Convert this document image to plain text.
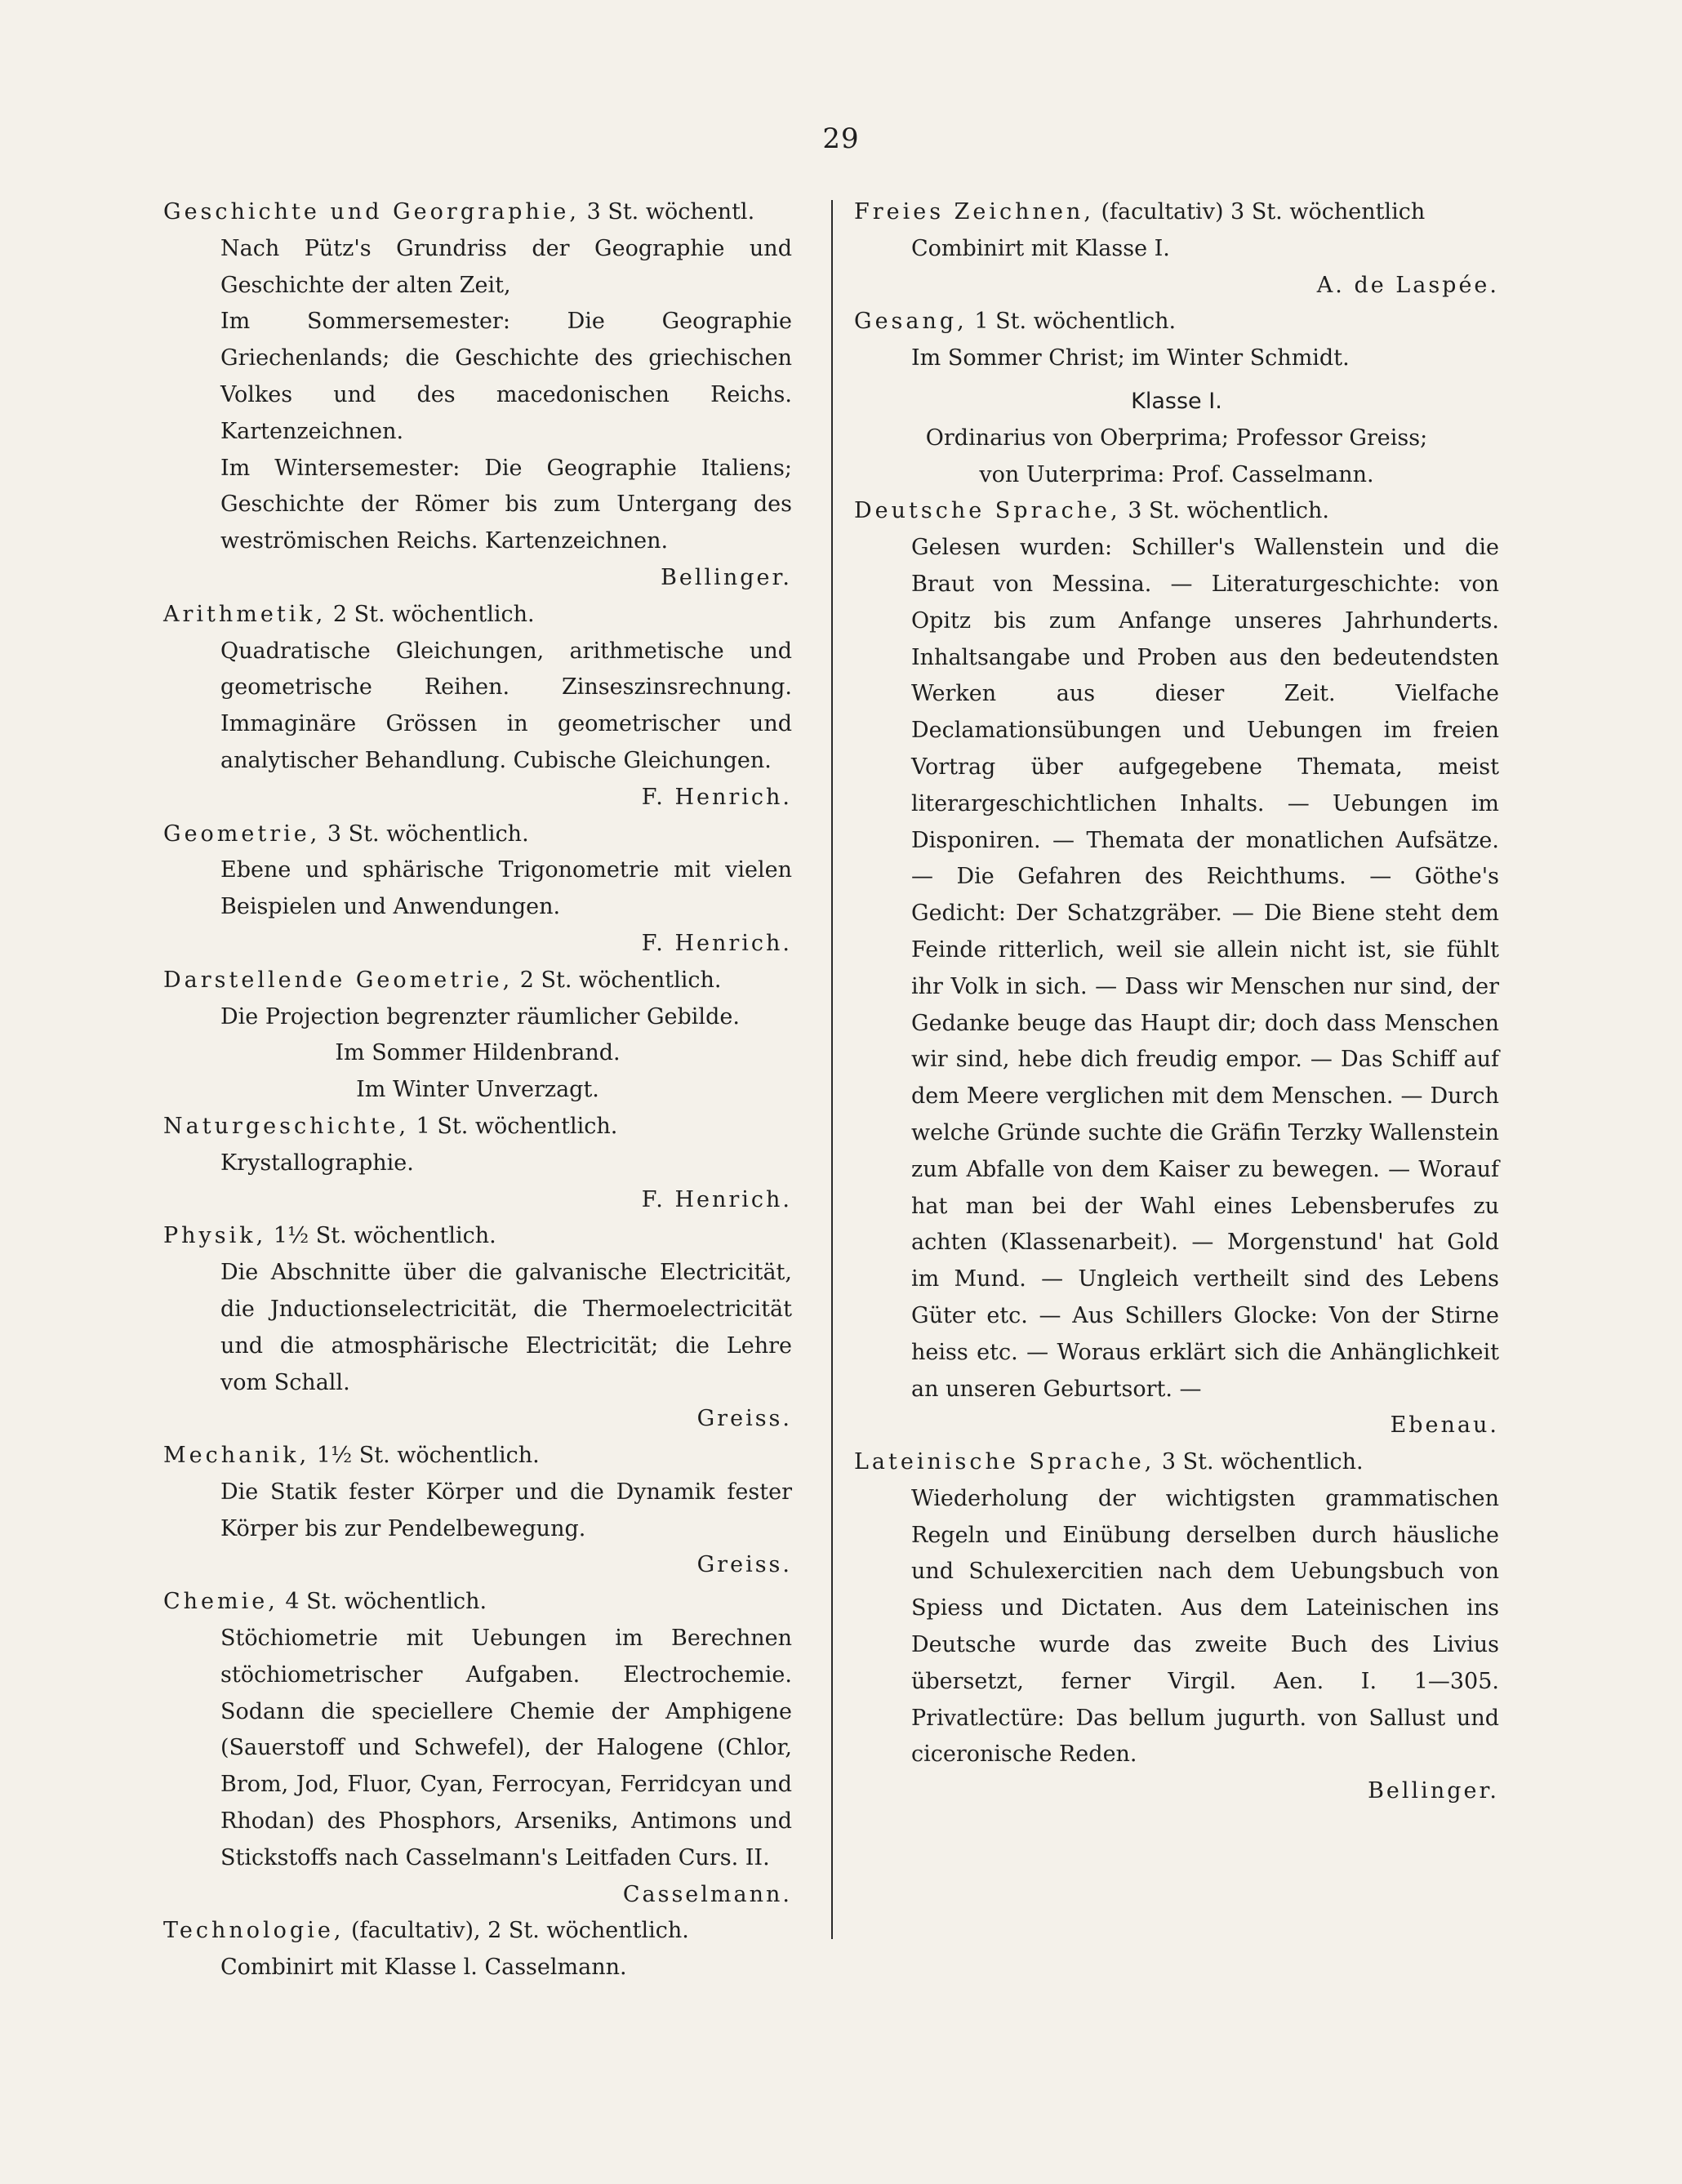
29
Geschichte und Georgraphie, 3 St. wöchentl.
Nach Pütz's Grundriss der Geographie und Geschichte der alten Zeit,
Im Sommersemester: Die Geographie Griechenlands; die Geschichte des griechischen Volkes und des macedonischen Reichs. Kartenzeichnen.
Im Wintersemester: Die Geographie Italiens; Geschichte der Römer bis zum Untergang des weströmischen Reichs. Kartenzeichnen.
Bellinger.
Arithmetik, 2 St. wöchentlich.
Quadratische Gleichungen, arithmetische und geometrische Reihen. Zinseszinsrechnung. Immaginäre Grössen in geometrischer und analytischer Behandlung. Cubische Gleichungen.
F. Henrich.
Geometrie, 3 St. wöchentlich.
Ebene und sphärische Trigonometrie mit vielen Beispielen und Anwendungen.
F. Henrich.
Darstellende Geometrie, 2 St. wöchentlich.
Die Projection begrenzter räumlicher Gebilde.
Im Sommer Hildenbrand.
Im Winter Unverzagt.
Naturgeschichte, 1 St. wöchentlich.
Krystallographie.
F. Henrich.
Physik, 1½ St. wöchentlich.
Die Abschnitte über die galvanische Electricität, die Jnductionselectricität, die Thermoelectricität und die atmosphärische Electricität; die Lehre vom Schall.
Greiss.
Mechanik, 1½ St. wöchentlich.
Die Statik fester Körper und die Dynamik fester Körper bis zur Pendelbewegung.
Greiss.
Chemie, 4 St. wöchentlich.
Stöchiometrie mit Uebungen im Berechnen stöchiometrischer Aufgaben. Electrochemie. Sodann die speciellere Chemie der Amphigene (Sauerstoff und Schwefel), der Halogene (Chlor, Brom, Jod, Fluor, Cyan, Ferrocyan, Ferridcyan und Rhodan) des Phosphors, Arseniks, Antimons und Stickstoffs nach Casselmann's Leitfaden Curs. II.
Casselmann.
Technologie, (facultativ), 2 St. wöchentlich.
Combinirt mit Klasse l. Casselmann.
Freies Zeichnen, (facultativ) 3 St. wöchentlich
Combinirt mit Klasse I.
A. de Laspée.
Gesang, 1 St. wöchentlich.
Im Sommer Christ; im Winter Schmidt.
Klasse I.
Ordinarius von Oberprima; Professor Greiss;
von Uuterprima: Prof. Casselmann.
Deutsche Sprache, 3 St. wöchentlich.
Gelesen wurden: Schiller's Wallenstein und die Braut von Messina. — Literaturgeschichte: von Opitz bis zum Anfange unseres Jahrhunderts. Inhaltsangabe und Proben aus den bedeutendsten Werken aus dieser Zeit. Vielfache Declamationsübungen und Uebungen im freien Vortrag über aufgegebene Themata, meist literargeschichtlichen Inhalts. — Uebungen im Disponiren. — Themata der monatlichen Aufsätze. — Die Gefahren des Reichthums. — Göthe's Gedicht: Der Schatzgräber. — Die Biene steht dem Feinde ritterlich, weil sie allein nicht ist, sie fühlt ihr Volk in sich. — Dass wir Menschen nur sind, der Gedanke beuge das Haupt dir; doch dass Menschen wir sind, hebe dich freudig empor. — Das Schiff auf dem Meere verglichen mit dem Menschen. — Durch welche Gründe suchte die Gräfin Terzky Wallenstein zum Abfalle von dem Kaiser zu bewegen. — Worauf hat man bei der Wahl eines Lebensberufes zu achten (Klassenarbeit). — Morgenstund' hat Gold im Mund. — Ungleich vertheilt sind des Lebens Güter etc. — Aus Schillers Glocke: Von der Stirne heiss etc. — Woraus erklärt sich die Anhänglichkeit an unseren Geburtsort. —
Ebenau.
Lateinische Sprache, 3 St. wöchentlich.
Wiederholung der wichtigsten grammatischen Regeln und Einübung derselben durch häusliche und Schulexercitien nach dem Uebungsbuch von Spiess und Dictaten. Aus dem Lateinischen ins Deutsche wurde das zweite Buch des Livius übersetzt, ferner Virgil. Aen. I. 1—305. Privatlectüre: Das bellum jugurth. von Sallust und ciceronische Reden.
Bellinger.
